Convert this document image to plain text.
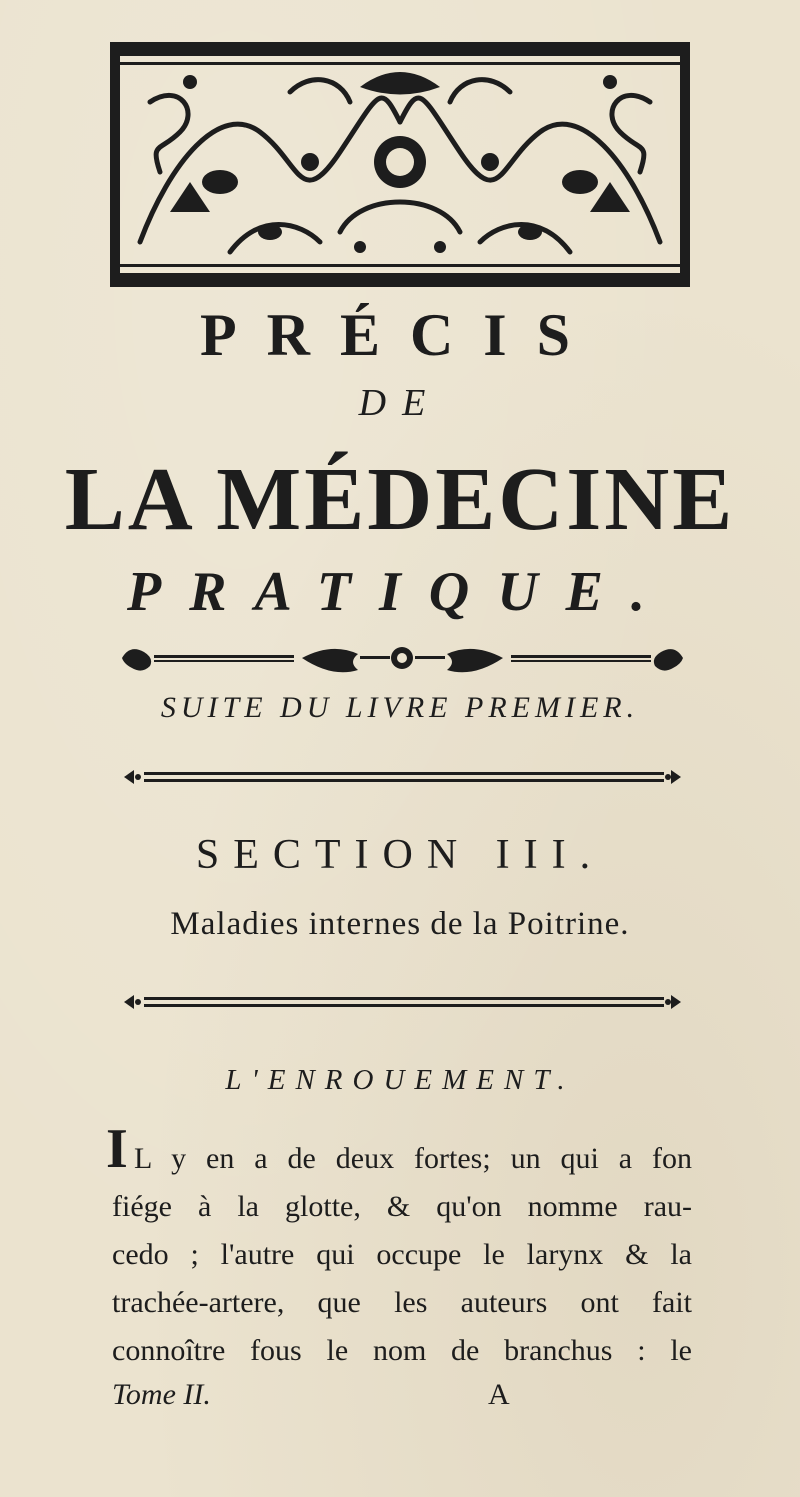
PRÉCIS
DE
LA MÉDECINE
PRATIQUE.
SUITE DU LIVRE PREMIER.
SECTION III.
Maladies internes de la Poitrine.
L'ENROUEMENT.
I L y en a de deux fortes; un qui a fon
fiége à la glotte, & qu'on nomme rau-
cedo ; l'autre qui occupe le larynx & la
trachée-artere, que les auteurs ont fait
connoître fous le nom de branchus : le
Tome II.	A
